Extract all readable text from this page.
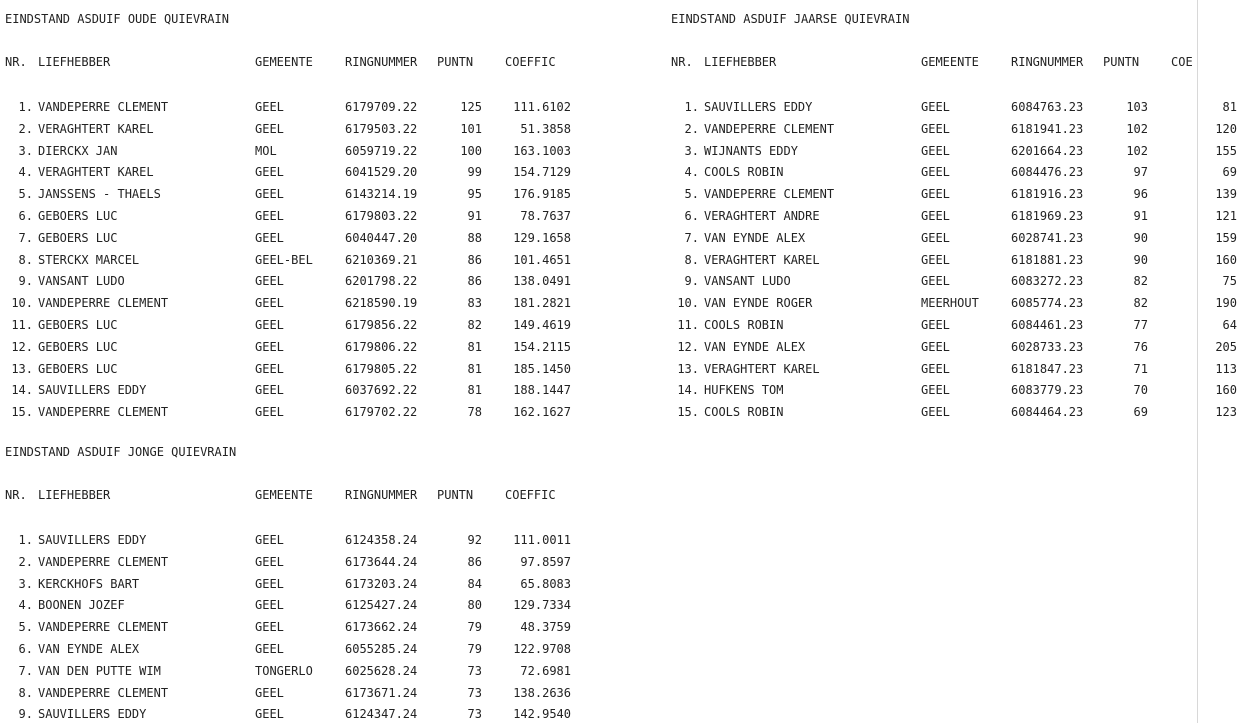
EINDSTAND ASDUIF OUDE QUIEVRAIN
NR. LIEFHEBBER	GEMEENTE	RINGNUMMER PUNTN	COEFFIC
1. VANDEPERRE CLEMENT	GEEL	6179709.22	125	111.6102
2. VERAGHTERT KAREL	GEEL	6179503.22	101	51.3858
3. DIERCKX JAN	MOL	6059719.22	100	163.1003
4. VERAGHTERT KAREL	GEEL	6041529.20	99	154.7129
5. JANSSENS - THAELS	GEEL	6143214.19	95	176.9185
6. GEBOERS LUC	GEEL	6179803.22	91	78.7637
7. GEBOERS LUC	GEEL	6040447.20	88	129.1658
8. STERCKX MARCEL	GEEL-BEL	6210369.21	86	101.4651
9. VANSANT LUDO	GEEL	6201798.22	86	138.0491
10. VANDEPERRE CLEMENT	GEEL	6218590.19	83	181.2821
11. GEBOERS LUC	GEEL	6179856.22	82	149.4619
12. GEBOERS LUC	GEEL	6179806.22	81	154.2115
13. GEBOERS LUC	GEEL	6179805.22	81	185.1450
14. SAUVILLERS EDDY	GEEL	6037692.22	81	188.1447
15. VANDEPERRE CLEMENT	GEEL	6179702.22	78	162.1627
EINDSTAND ASDUIF JAARSE QUIEVRAIN
NR. LIEFHEBBER	GEMEENTE	RINGNUMMER PUNTN	COE
1. SAUVILLERS EDDY	GEEL	6084763.23	103	81
2. VANDEPERRE CLEMENT	GEEL	6181941.23	102	120
3. WIJNANTS EDDY	GEEL	6201664.23	102	155
4. COOLS ROBIN	GEEL	6084476.23	97	69
5. VANDEPERRE CLEMENT	GEEL	6181916.23	96	139
6. VERAGHTERT ANDRE	GEEL	6181969.23	91	121
7. VAN EYNDE ALEX	GEEL	6028741.23	90	159
8. VERAGHTERT KAREL	GEEL	6181881.23	90	160
9. VANSANT LUDO	GEEL	6083272.23	82	75
10. VAN EYNDE ROGER	MEERHOUT	6085774.23	82	190
11. COOLS ROBIN	GEEL	6084461.23	77	64
12. VAN EYNDE ALEX	GEEL	6028733.23	76	205
13. VERAGHTERT KAREL	GEEL	6181847.23	71	113
14. HUFKENS TOM	GEEL	6083779.23	70	160
15. COOLS ROBIN	GEEL	6084464.23	69	123
EINDSTAND ASDUIF JONGE QUIEVRAIN
NR. LIEFHEBBER	GEMEENTE	RINGNUMMER PUNTN	COEFFIC
1. SAUVILLERS EDDY	GEEL	6124358.24	92	111.0011
2. VANDEPERRE CLEMENT	GEEL	6173644.24	86	97.8597
3. KERCKHOFS BART	GEEL	6173203.24	84	65.8083
4. BOONEN JOZEF	GEEL	6125427.24	80	129.7334
5. VANDEPERRE CLEMENT	GEEL	6173662.24	79	48.3759
6. VAN EYNDE ALEX	GEEL	6055285.24	79	122.9708
7. VAN DEN PUTTE WIM	TONGERLO	6025628.24	73	72.6981
8. VANDEPERRE CLEMENT	GEEL	6173671.24	73	138.2636
9. SAUVILLERS EDDY	GEEL	6124347.24	73	142.9540
